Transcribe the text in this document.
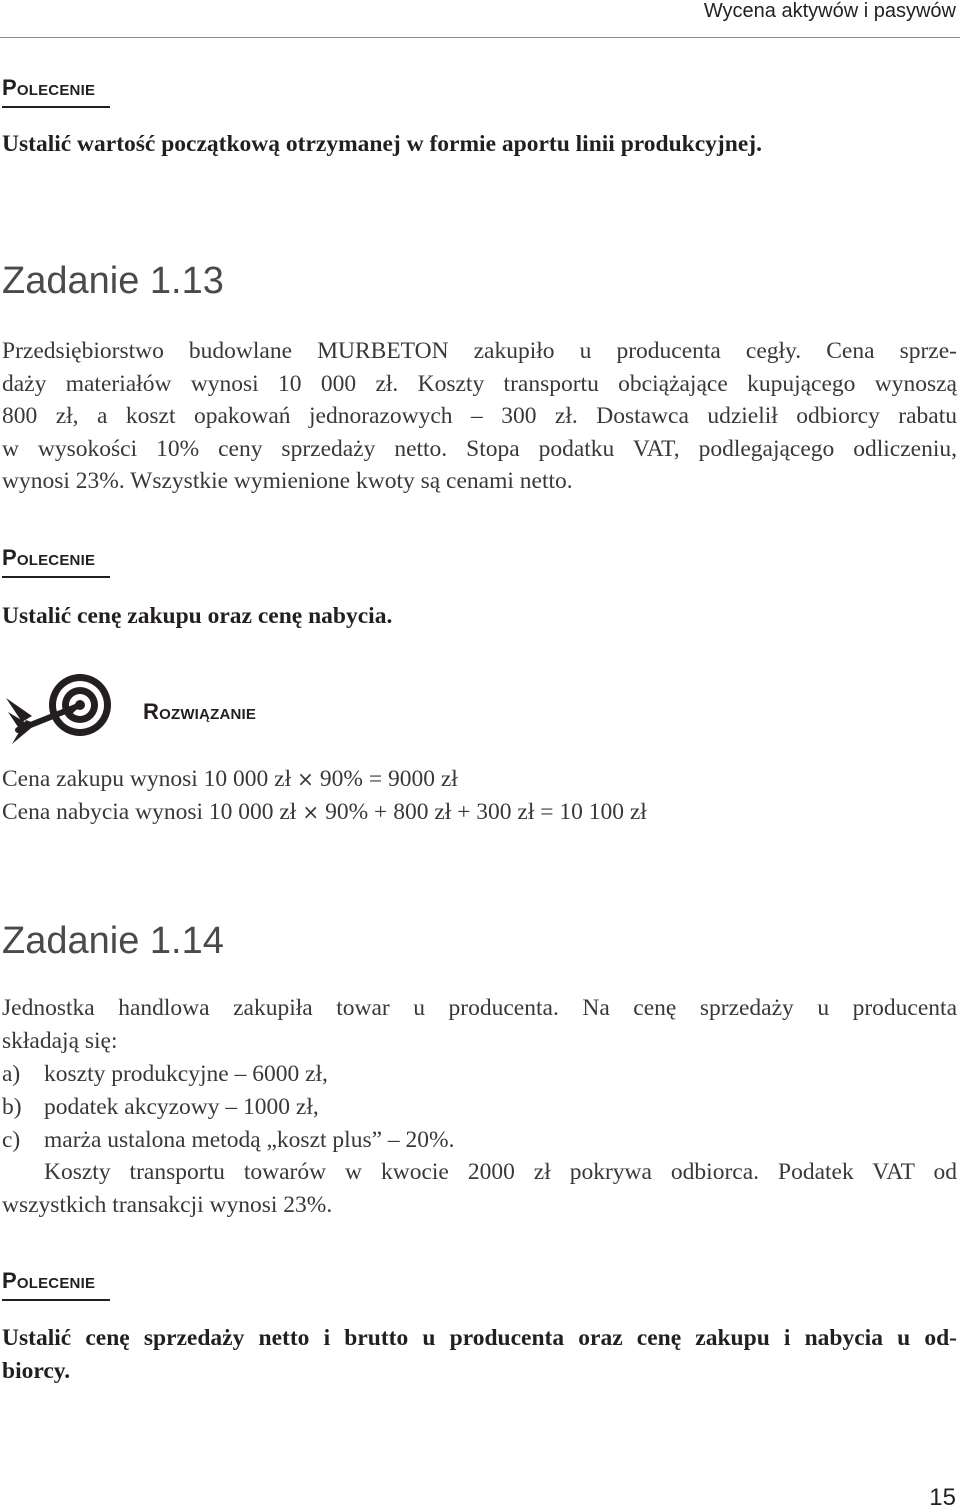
Wycena aktywów i pasywów
Polecenie
Ustalić wartość początkową otrzymanej w formie aportu linii produkcyjnej.
Zadanie 1.13
Przedsiębiorstwo budowlane MURBETON zakupiło u producenta cegły. Cena sprze-
daży materiałów wynosi 10 000 zł. Koszty transportu obciążające kupującego wynoszą
800 zł, a koszt opakowań jednorazowych – 300 zł. Dostawca udzielił odbiorcy rabatu
w wysokości 10% ceny sprzedaży netto. Stopa podatku VAT, podlegającego odliczeniu,
wynosi 23%. Wszystkie wymienione kwoty są cenami netto.
Polecenie
Ustalić cenę zakupu oraz cenę nabycia.
Rozwiązanie
Cena zakupu wynosi 10 000 zł × 90% = 9000 zł
Cena nabycia wynosi 10 000 zł × 90% + 800 zł + 300 zł = 10 100 zł
Zadanie 1.14
Jednostka handlowa zakupiła towar u producenta. Na cenę sprzedaży u producenta
składają się:
a) koszty produkcyjne – 6000 zł,
b) podatek akcyzowy – 1000 zł,
c) marża ustalona metodą „koszt plus” – 20%.
Koszty transportu towarów w kwocie 2000 zł pokrywa odbiorca. Podatek VAT od
wszystkich transakcji wynosi 23%.
Polecenie
Ustalić cenę sprzedaży netto i brutto u producenta oraz cenę zakupu i nabycia u od-
biorcy.
15
